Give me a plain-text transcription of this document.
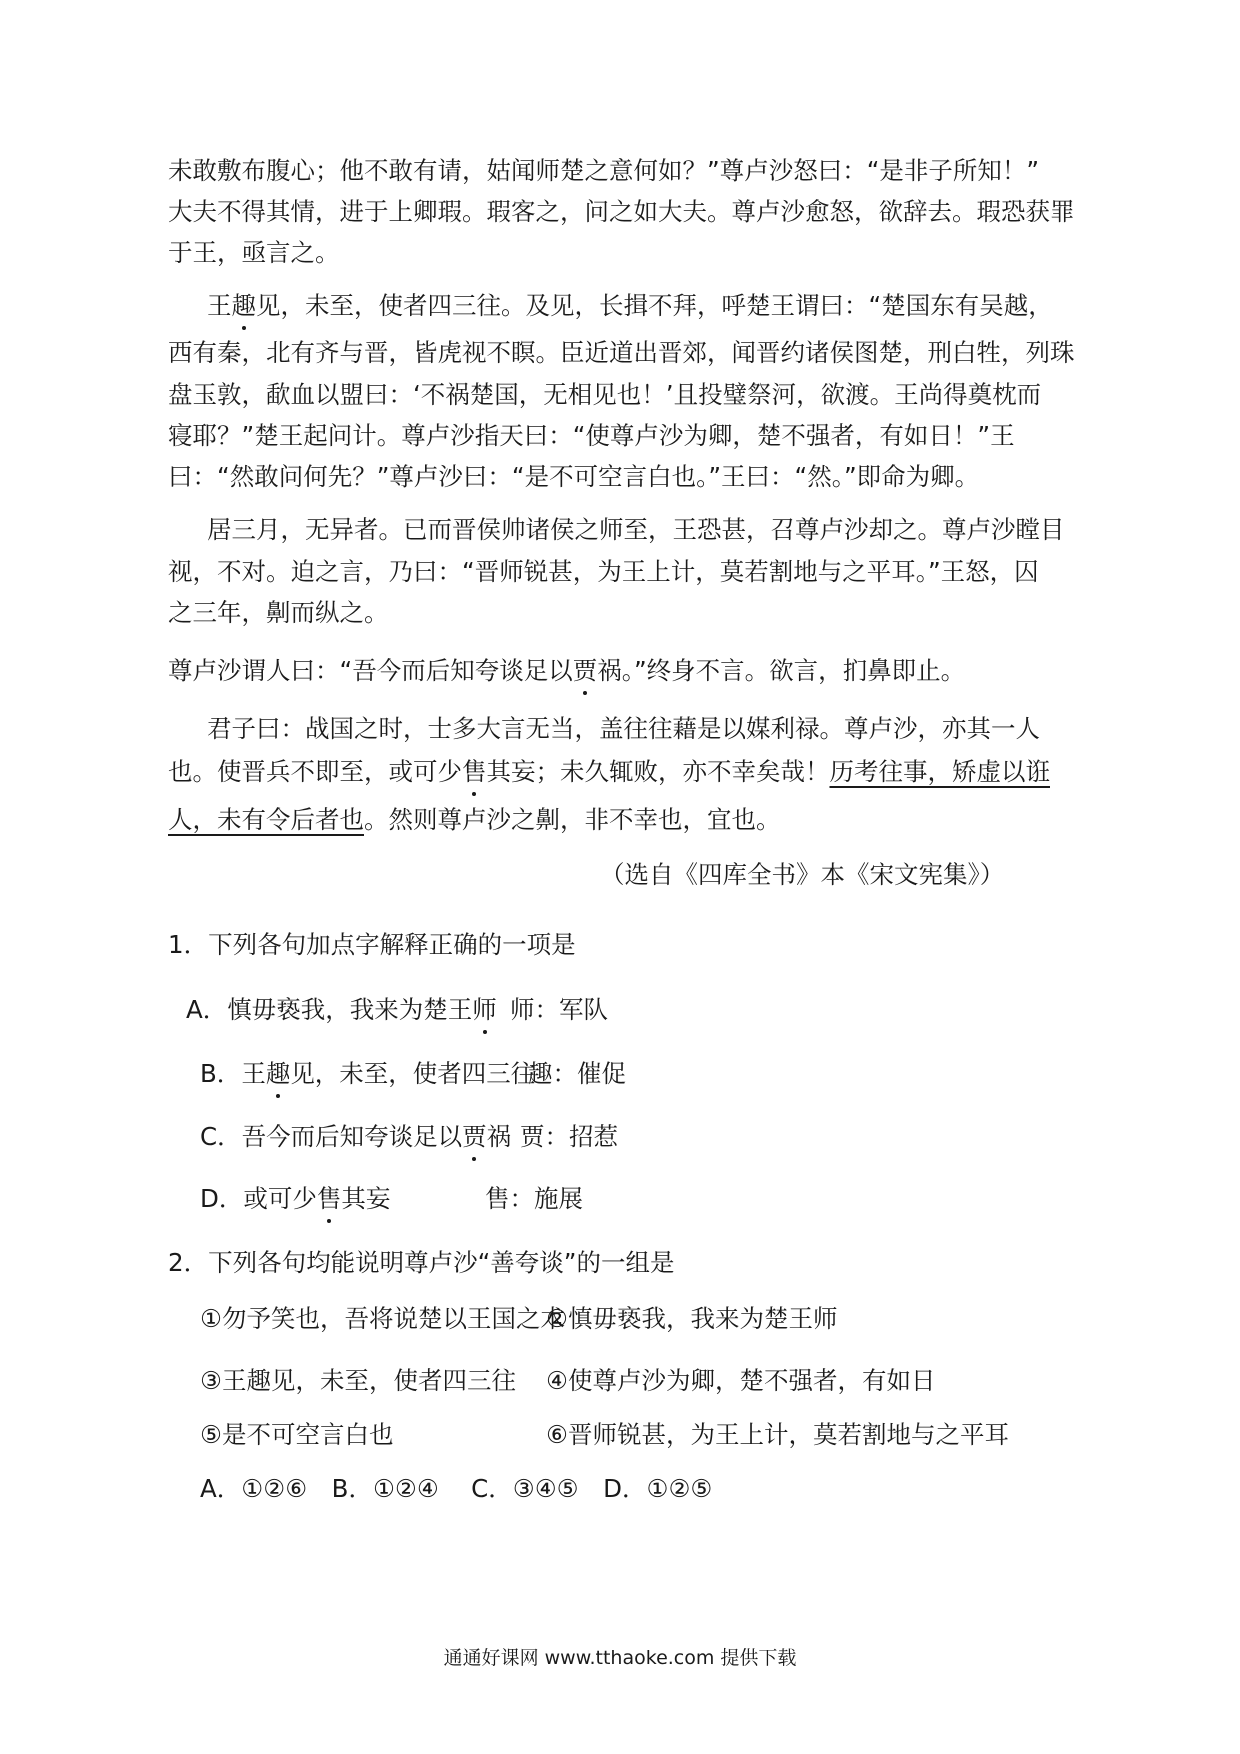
未敢敷布腹心；他不敢有请，姑闻师楚之意何如？”尊卢沙怒曰：“是非子所知！”
大夫不得其情，进于上卿瑕。瑕客之，问之如大夫。尊卢沙愈怒，欲辞去。瑕恐获罪
于王，亟言之。
王趣见，未至，使者四三往。及见，长揖不拜，呼楚王谓曰：“楚国东有吴越，
西有秦，北有齐与晋，皆虎视不瞑。臣近道出晋郊，闻晋约诸侯图楚，刑白牲，列珠
盘玉敦，歃血以盟曰：‘不祸楚国，无相见也！’且投璧祭河，欲渡。王尚得奠枕而
寝耶？”楚王起问计。尊卢沙指天曰：“使尊卢沙为卿，楚不强者，有如日！”王
曰：“然敢问何先？”尊卢沙曰：“是不可空言白也。”王曰：“然。”即命为卿。
居三月，无异者。已而晋侯帅诸侯之师至，王恐甚，召尊卢沙却之。尊卢沙瞠目
视，不对。迫之言，乃曰：“晋师锐甚，为王上计，莫若割地与之平耳。”王怒，囚
之三年，劓而纵之。
尊卢沙谓人曰：“吾今而后知夸谈足以贾祸。”终身不言。欲言，扪鼻即止。
君子曰：战国之时，士多大言无当，盖往往藉是以媒利禄。尊卢沙，亦其一人
也。使晋兵不即至，或可少售其妄；未久辄败，亦不幸矣哉！历考往事，矫虚以诳
人，未有令后者也。然则尊卢沙之劓，非不幸也，宜也。
（选自《四库全书》本《宋文宪集》）
1．下列各句加点字解释正确的一项是
A．慎毋亵我，我来为楚王师 师：军队
B．王趣见，未至，使者四三往
趣：催促
C．吾今而后知夸谈足以贾祸 贾：招惹
D．或可少售其妄	售：施展
2．下列各句均能说明尊卢沙“善夸谈”的一组是
①勿予笑也，吾将说楚以王国之术
②慎毋亵我，我来为楚王师
③王趣见，未至，使者四三往 ④使尊卢沙为卿，楚不强者，有如日
⑤是不可空言白也	⑥晋师锐甚，为王上计，莫若割地与之平耳
A．①②⑥　B．①②④　 C．③④⑤　D．①②⑤
通通好课网 www.tthaoke.com 提供下载
